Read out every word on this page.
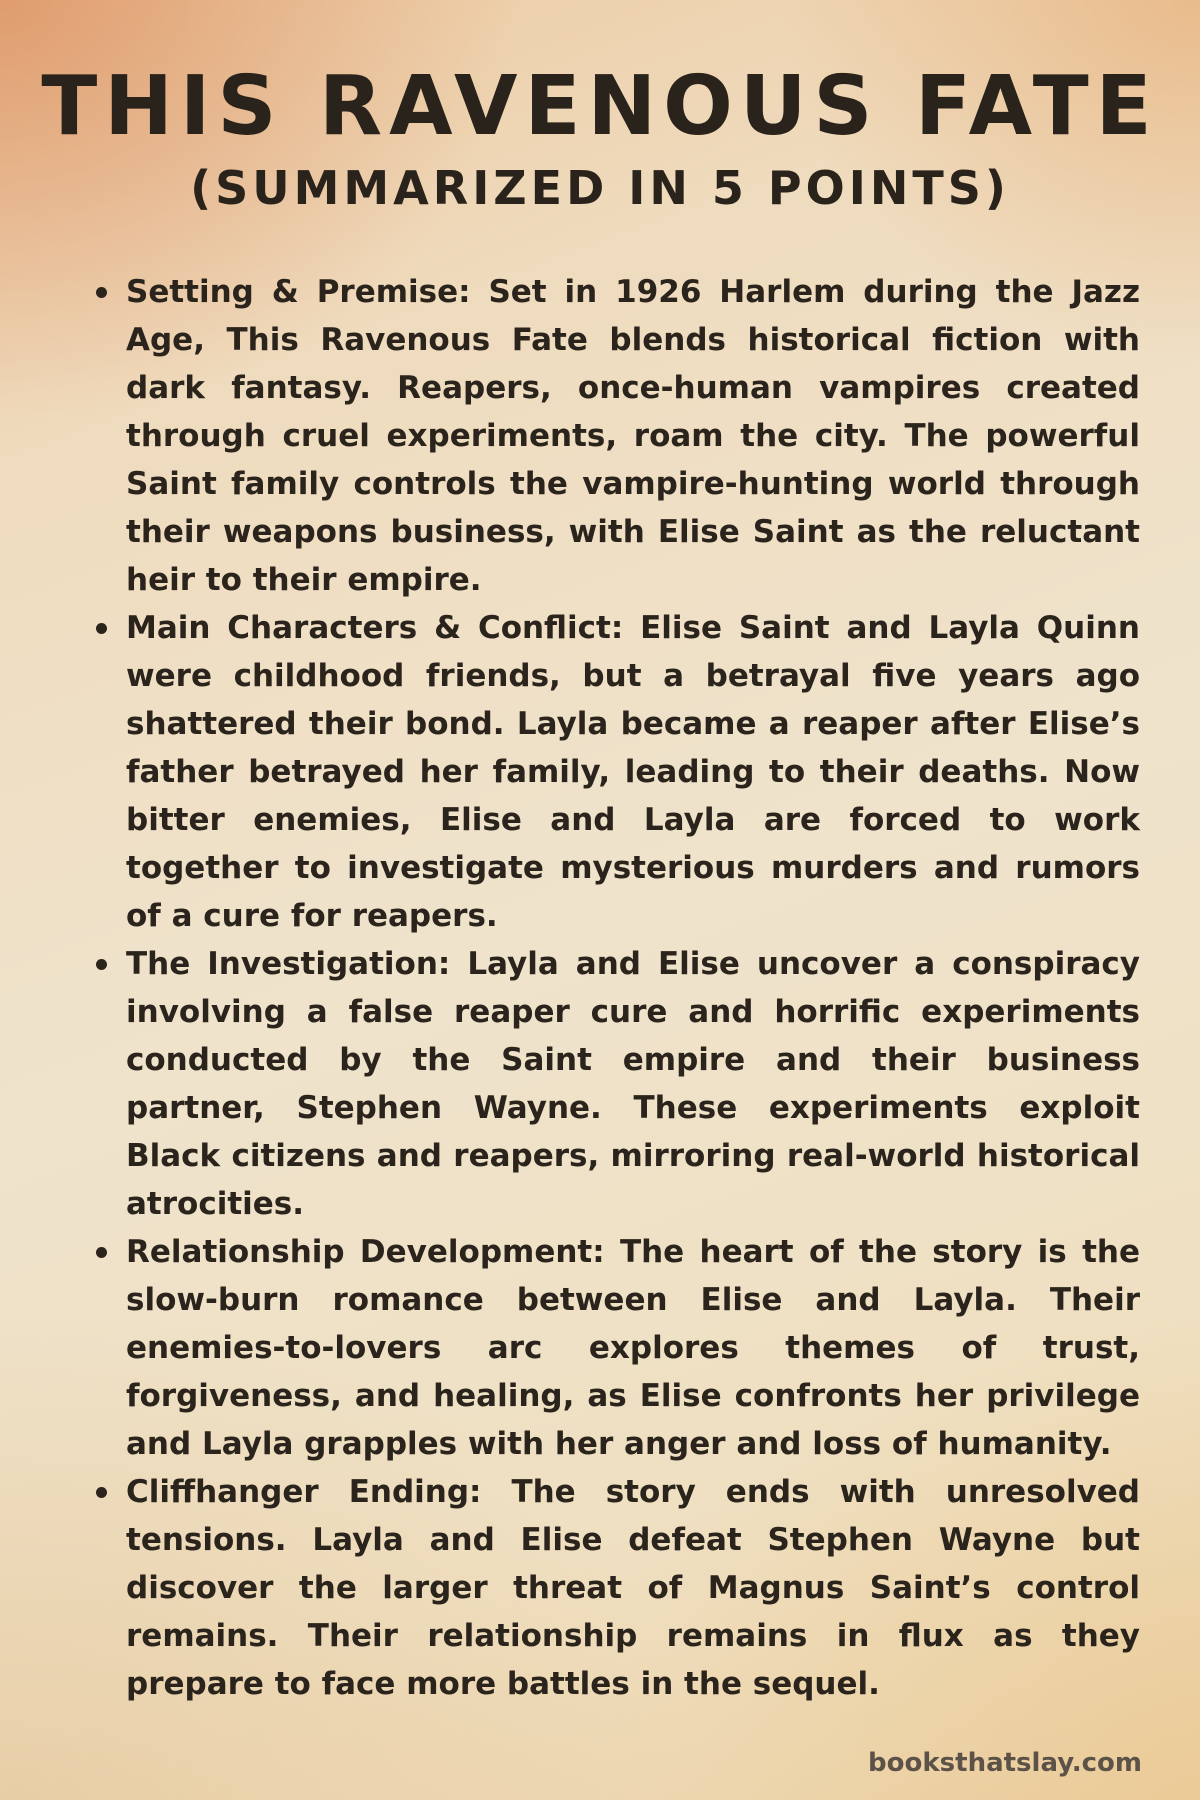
THIS RAVENOUS FATE
(SUMMARIZED IN 5 POINTS)
Setting & Premise: Set in 1926 Harlem during the Jazz Age, This Ravenous Fate blends historical fiction with dark fantasy. Reapers, once-human vampires created through cruel experiments, roam the city. The powerful Saint family controls the vampire-hunting world through their weapons business, with Elise Saint as the reluctant heir to their empire.
Main Characters & Conflict: Elise Saint and Layla Quinn were childhood friends, but a betrayal five years ago shattered their bond. Layla became a reaper after Elise’s father betrayed her family, leading to their deaths. Now bitter enemies, Elise and Layla are forced to work together to investigate mysterious murders and rumors of a cure for reapers.
The Investigation: Layla and Elise uncover a conspiracy involving a false reaper cure and horrific experiments conducted by the Saint empire and their business partner, Stephen Wayne. These experiments exploit Black citizens and reapers, mirroring real-world historical atrocities.
Relationship Development: The heart of the story is the slow-burn romance between Elise and Layla. Their enemies-to-lovers arc explores themes of trust, forgiveness, and healing, as Elise confronts her privilege and Layla grapples with her anger and loss of humanity.
Cliffhanger Ending: The story ends with unresolved tensions. Layla and Elise defeat Stephen Wayne but discover the larger threat of Magnus Saint’s control remains. Their relationship remains in flux as they prepare to face more battles in the sequel.

booksthatslay.com
